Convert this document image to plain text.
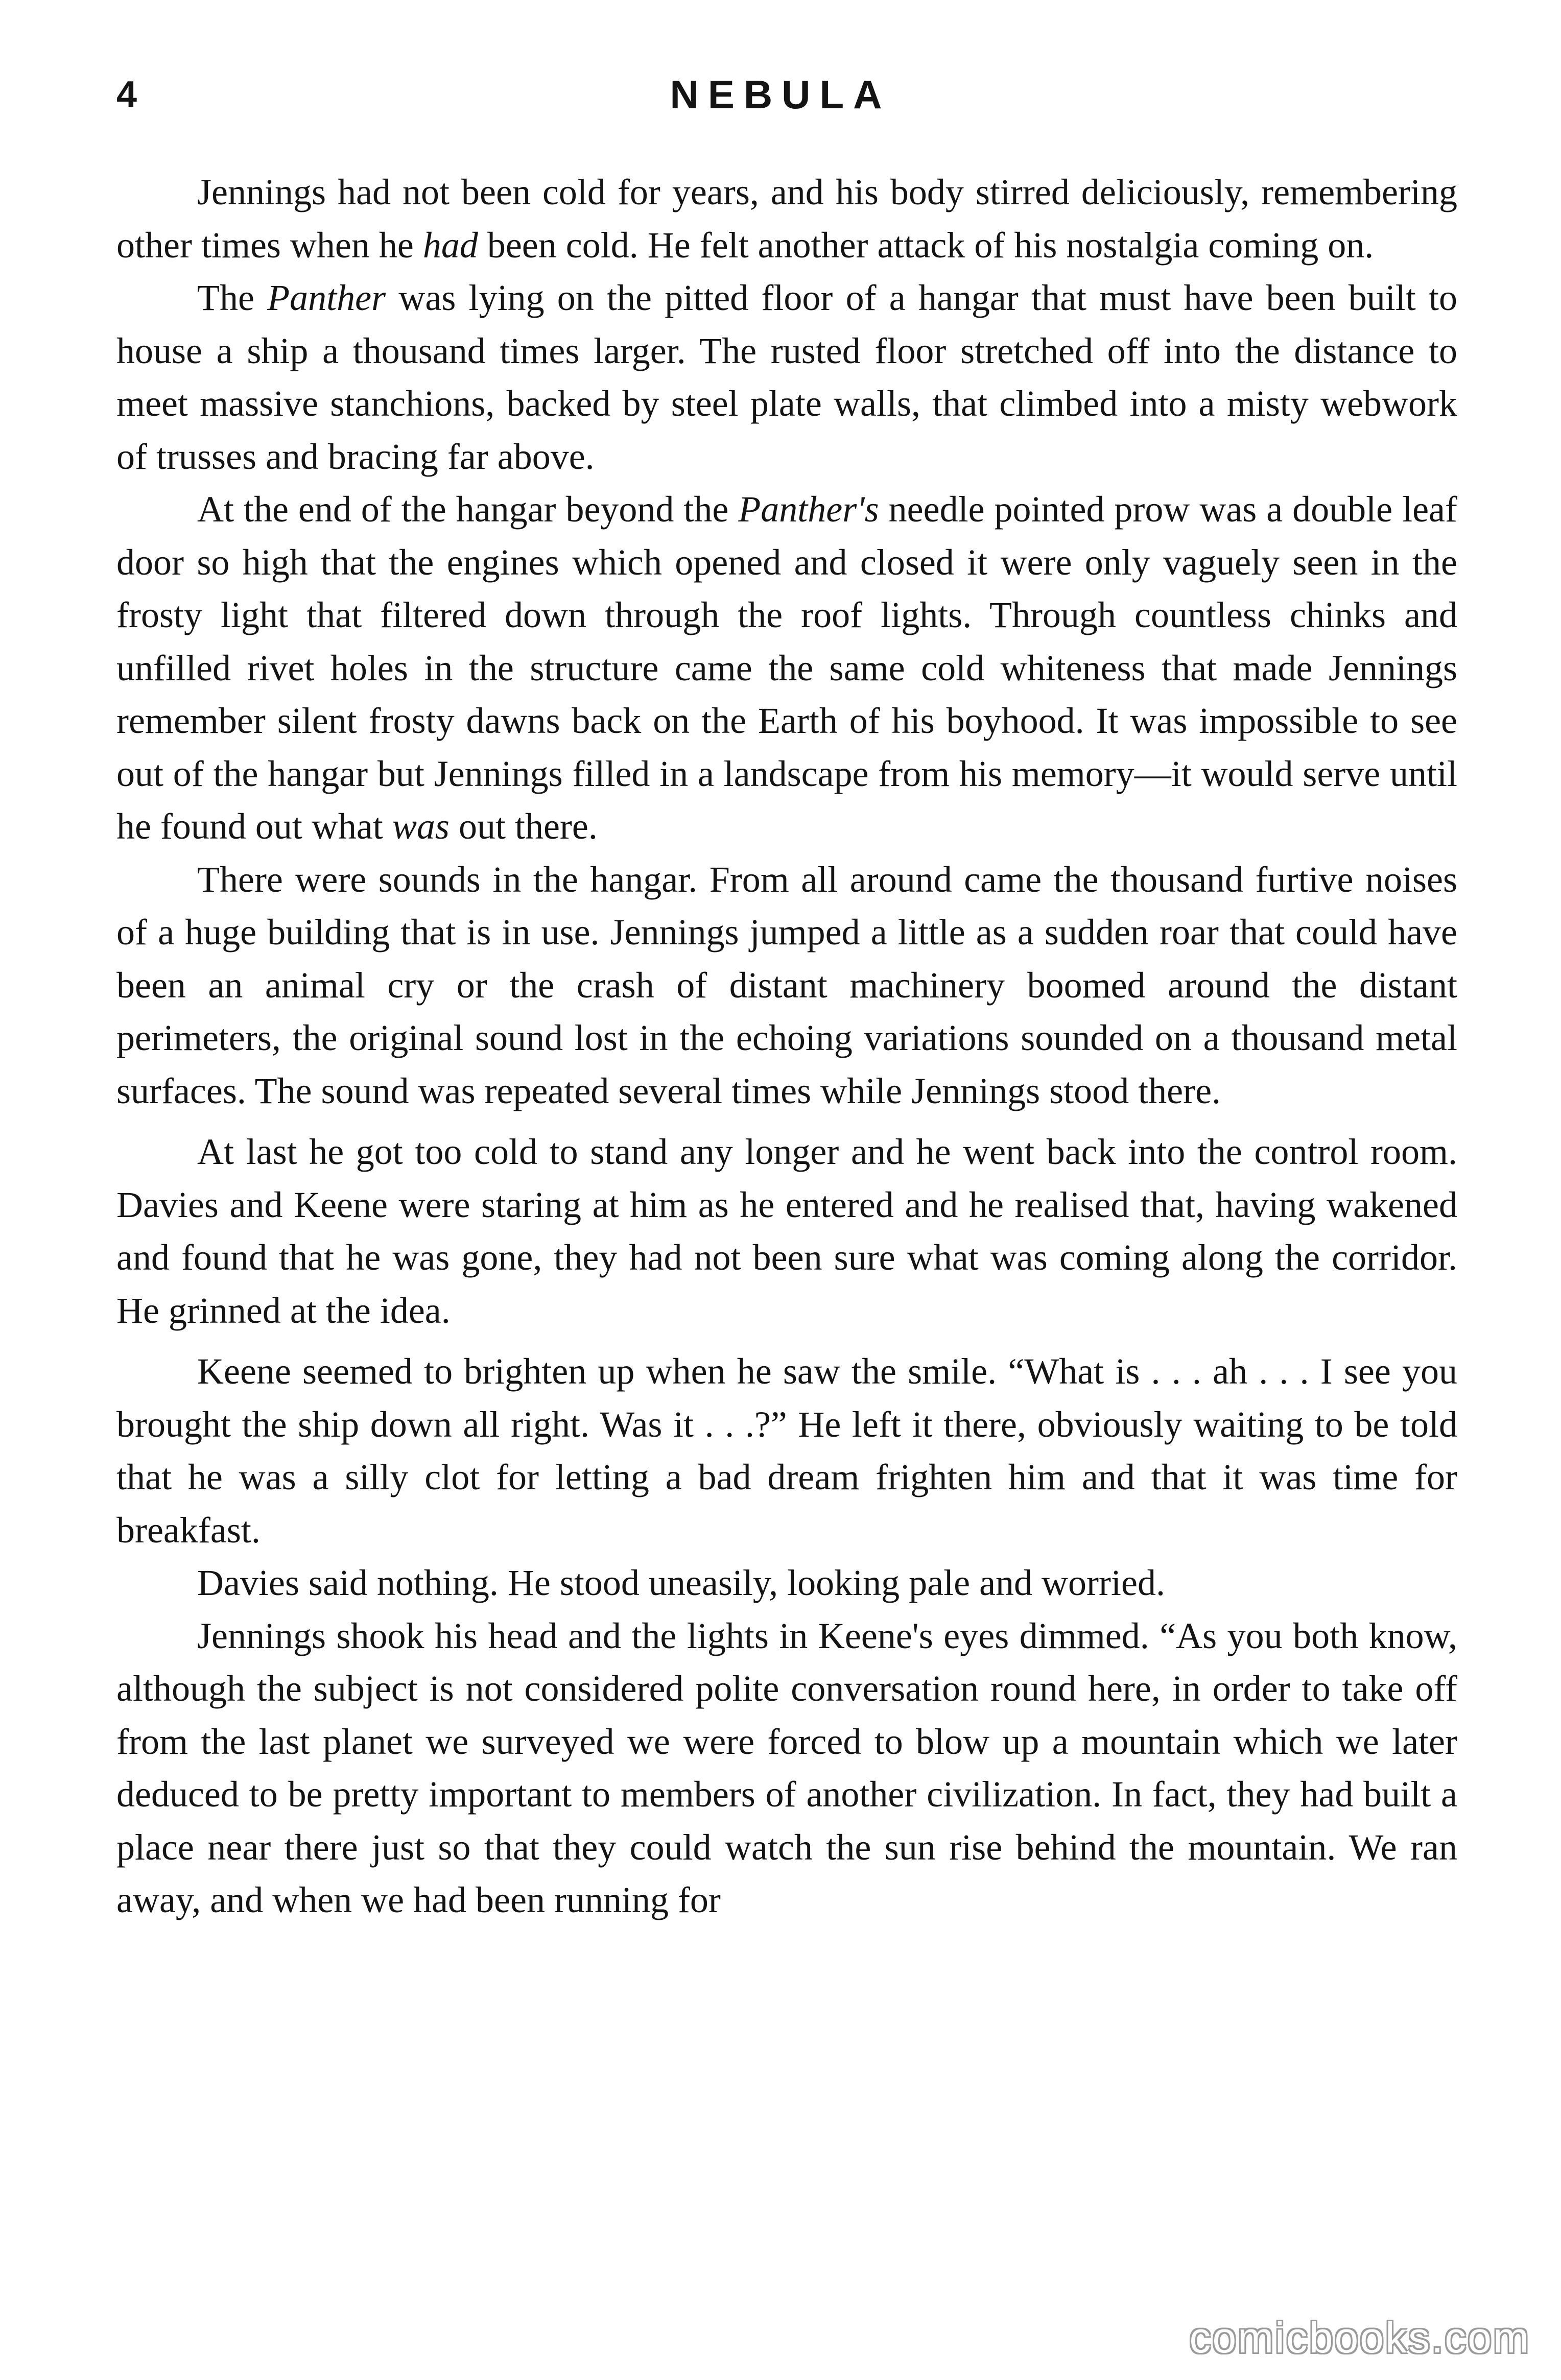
4	NEBULA

Jennings had not been cold for years, and his body stirred deliciously, remembering other times when he had been cold. He felt another attack of his nostalgia coming on.

The Panther was lying on the pitted floor of a hangar that must have been built to house a ship a thousand times larger. The rusted floor stretched off into the distance to meet massive stanchions, backed by steel plate walls, that climbed into a misty webwork of trusses and bracing far above.

At the end of the hangar beyond the Panther's needle pointed prow was a double leaf door so high that the engines which opened and closed it were only vaguely seen in the frosty light that filtered down through the roof lights. Through countless chinks and unfilled rivet holes in the structure came the same cold whiteness that made Jennings remember silent frosty dawns back on the Earth of his boyhood. It was impossible to see out of the hangar but Jennings filled in a landscape from his memory—it would serve until he found out what was out there.

There were sounds in the hangar. From all around came the thousand furtive noises of a huge building that is in use. Jennings jumped a little as a sudden roar that could have been an animal cry or the crash of distant machinery boomed around the distant perimeters, the original sound lost in the echoing variations sounded on a thousand metal surfaces. The sound was repeated several times while Jennings stood there.

At last he got too cold to stand any longer and he went back into the control room. Davies and Keene were staring at him as he entered and he realised that, having wakened and found that he was gone, they had not been sure what was coming along the corridor. He grinned at the idea.

Keene seemed to brighten up when he saw the smile. “What is . . . ah . . . I see you brought the ship down all right. Was it . . .?” He left it there, obviously waiting to be told that he was a silly clot for letting a bad dream frighten him and that it was time for breakfast.

Davies said nothing. He stood uneasily, looking pale and worried.

Jennings shook his head and the lights in Keene's eyes dimmed. “As you both know, although the subject is not considered polite conversation round here, in order to take off from the last planet we surveyed we were forced to blow up a mountain which we later deduced to be pretty important to members of another civilization. In fact, they had built a place near there just so that they could watch the sun rise behind the mountain. We ran away, and when we had been running for

comicbooks.com
